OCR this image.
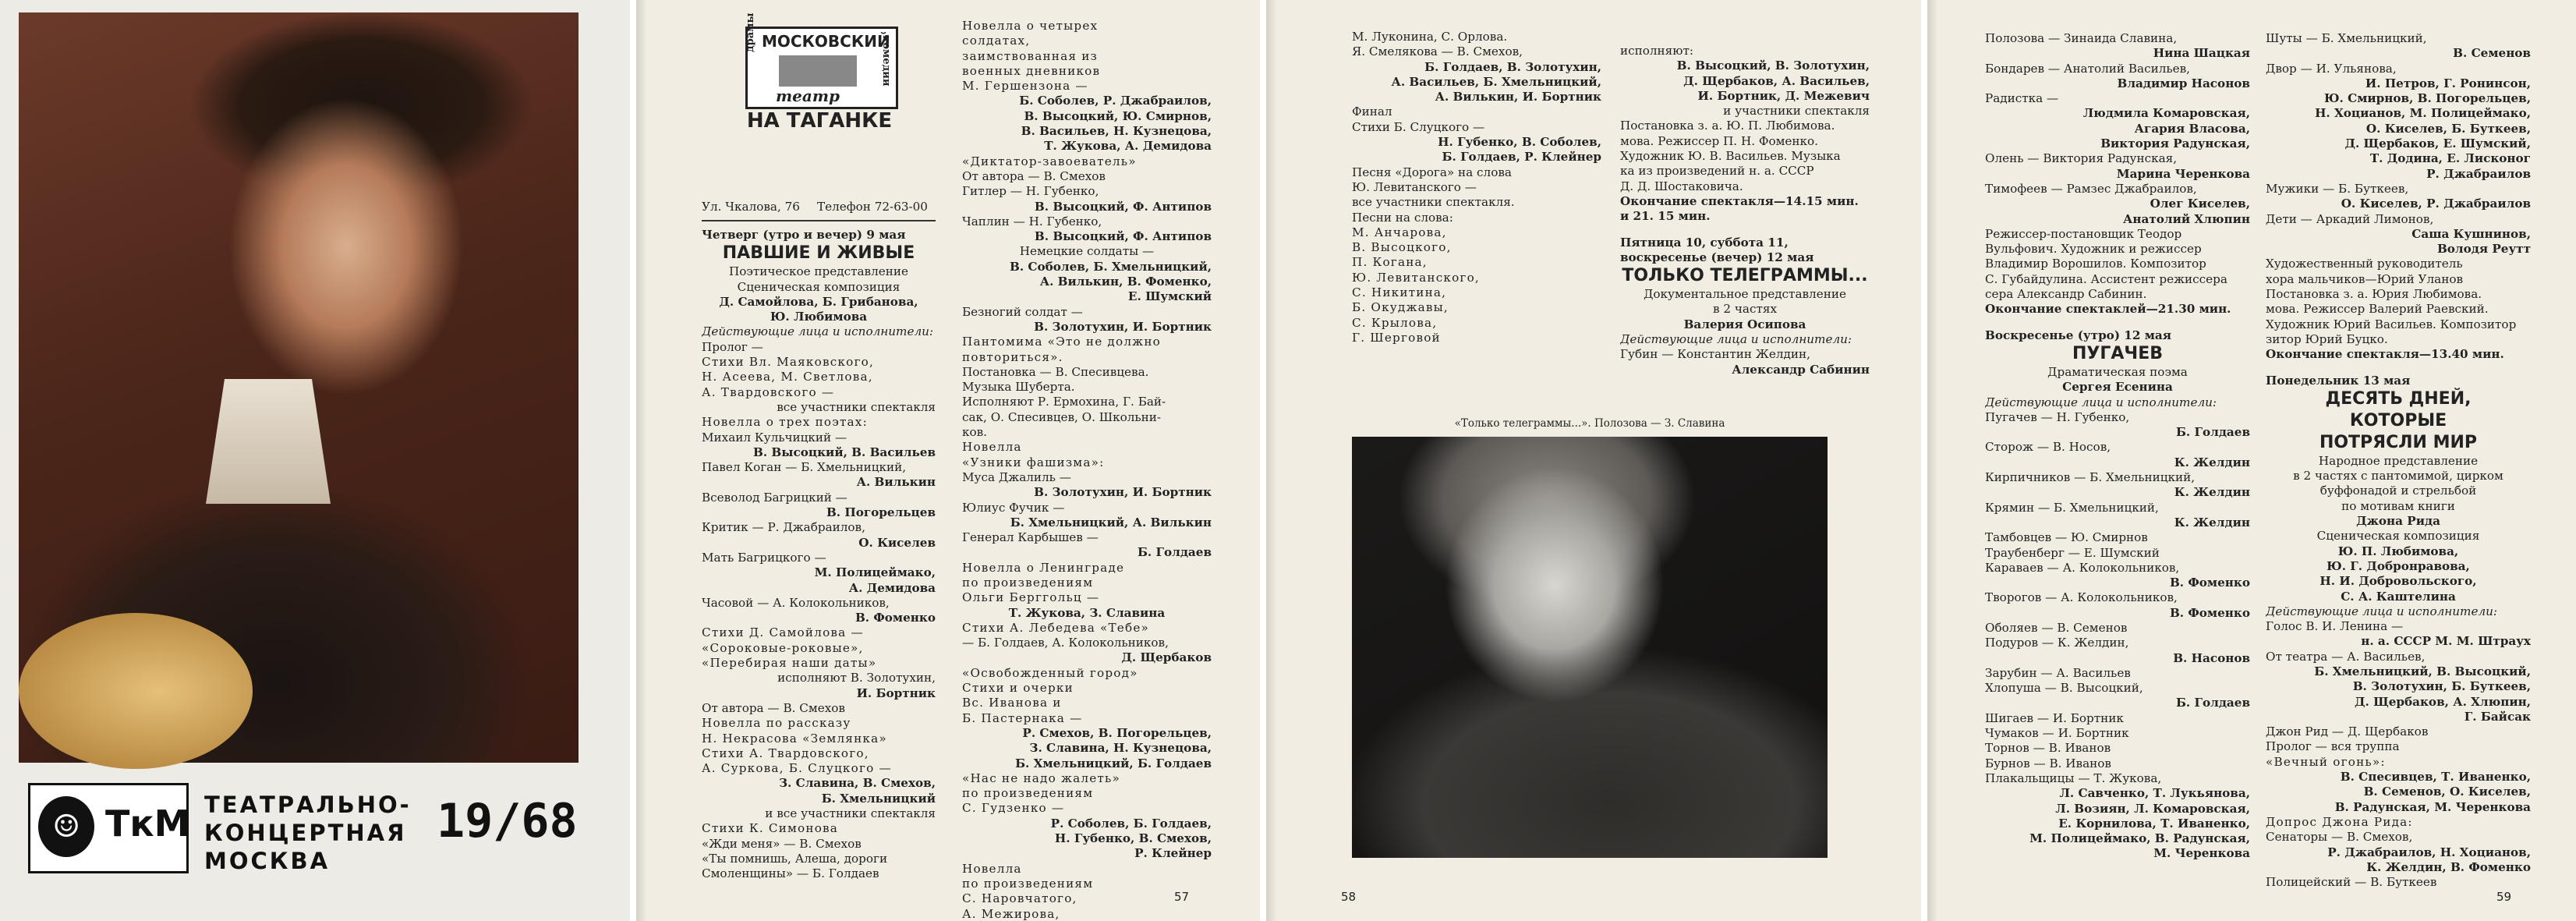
☺ ТкМ ТЕАТРАЛЬНО-
КОНЦЕРТНАЯ
МОСКВА
19/68
МОСКОВСКИЙ
драмы
театр
комедии
НА ТАГАНКЕ
Ул. Чкалова, 76 Телефон 72-63-00
Четверг (утро и вечер) 9 мая
ПАВШИЕ И ЖИВЫЕ
Поэтическое представление
Сценическая композиция
Д. Самойлова, Б. Грибанова,
Ю. Любимова
Действующие лица и исполнители:
Пролог —
Стихи Вл. Маяковского,
Н. Асеева, М. Светлова,
А. Твардовского —
все участники спектакля
Новелла о трех поэтах:
Михаил Кульчицкий —
В. Высоцкий, В. Васильев
Павел Коган — Б. Хмельницкий,
А. Вилькин
Всеволод Багрицкий —
В. Погорельцев
Критик — Р. Джабраилов,
О. Киселев
Мать Багрицкого —
М. Полицеймако,
А. Демидова
Часовой — А. Колокольников,
В. Фоменко
Стихи Д. Самойлова —
«Сороковые-роковые»,
«Перебирая наши даты»
исполняют В. Золотухин,
И. Бортник
От автора — В. Смехов
Новелла по рассказу
Н. Некрасова «Землянка»
Стихи А. Твардовского,
А. Суркова, Б. Слуцкого —
З. Славина, В. Смехов,
Б. Хмельницкий
и все участники спектакля
Стихи К. Симонова
«Жди меня» — В. Смехов
«Ты помнишь, Алеша, дороги
Смоленщины» — Б. Голдаев
Новелла о четырех
солдатах,
заимствованная из
военных дневников
М. Гершензона —
Б. Соболев, Р. Джабраилов,
В. Высоцкий, Ю. Смирнов,
В. Васильев, Н. Кузнецова,
Т. Жукова, А. Демидова
«Диктатор-завоеватель»
От автора — В. Смехов
Гитлер — Н. Губенко,
В. Высоцкий, Ф. Антипов
Чаплин — Н. Губенко,
В. Высоцкий, Ф. Антипов
Немецкие солдаты —
В. Соболев, Б. Хмельницкий,
А. Вилькин, В. Фоменко,
Е. Шумский
Безногий солдат —
В. Золотухин, И. Бортник
Пантомима «Это не должно
повториться».
Постановка — В. Спесивцева.
Музыка Шуберта.
Исполняют Р. Ермохина, Г. Бай-
сак, О. Спесивцев, О. Школьни-
ков.
Новелла
«Узники фашизма»:
Муса Джалиль —
В. Золотухин, И. Бортник
Юлиус Фучик —
Б. Хмельницкий, А. Вилькин
Генерал Карбышев —
Б. Голдаев
Новелла о Ленинграде
по произведениям
Ольги Берггольц —
Т. Жукова, З. Славина
Стихи А. Лебедева «Тебе»
— Б. Голдаев, А. Колокольников,
Д. Щербаков
«Освобожденный город»
Стихи и очерки
Вс. Иванова и
Б. Пастернака —
Р. Смехов, В. Погорельцев,
З. Славина, Н. Кузнецова,
Б. Хмельницкий, Б. Голдаев
«Нас не надо жалеть»
по произведениям
С. Гудзенко —
Р. Соболев, Б. Голдаев,
Н. Губенко, В. Смехов,
Р. Клейнер
Новелла
по произведениям
С. Наровчатого,
А. Межирова,
57
М. Луконина, С. Орлова.
Я. Смелякова — В. Смехов,
Б. Голдаев, В. Золотухин,
А. Васильев, Б. Хмельницкий,
А. Вилькин, И. Бортник
Финал
Стихи Б. Слуцкого —
Н. Губенко, В. Соболев,
Б. Голдаев, Р. Клейнер
Песня «Дорога» на слова
Ю. Левитанского —
все участники спектакля.
Песни на слова:
М. Анчарова,
В. Высоцкого,
П. Когана,
Ю. Левитанского,
С. Никитина,
Б. Окуджавы,
С. Крылова,
Г. Шерговой
исполняют:
В. Высоцкий, В. Золотухин,
Д. Щербаков, А. Васильев,
И. Бортник, Д. Межевич
и участники спектакля
Постановка з. а. Ю. П. Любимова.
мова. Режиссер П. Н. Фоменко.
Художник Ю. В. Васильев. Музыка
ка из произведений н. а. СССР
Д. Д. Шостаковича.
Окончание спектакля—14.15 мин.
и 21. 15 мин.
Пятница 10, суббота 11,
воскресенье (вечер) 12 мая
ТОЛЬКО ТЕЛЕГРАММЫ...
Документальное представление
в 2 частях
Валерия Осипова
Действующие лица и исполнители:
Губин — Константин Желдин,
Александр Сабинин
«Только телеграммы...». Полозова — З. Славина
58
Полозова — Зинаида Славина,
Нина Шацкая
Бондарев — Анатолий Васильев,
Владимир Насонов
Радистка —
Людмила Комаровская,
Агария Власова,
Виктория Радунская,
Олень — Виктория Радунская,
Марина Черенкова
Тимофеев — Рамзес Джабраилов,
Олег Киселев,
Анатолий Хлюпин
Режиссер-постановщик Теодор
Вульфович. Художник и режиссер
Владимир Ворошилов. Композитор
С. Губайдулина. Ассистент режиссера
сера Александр Сабинин.
Окончание спектаклей—21.30 мин.
Воскресенье (утро) 12 мая
ПУГАЧЕВ
Драматическая поэма
Сергея Есенина
Действующие лица и исполнители:
Пугачев — Н. Губенко,
Б. Голдаев
Сторож — В. Носов,
К. Желдин
Кирпичников — Б. Хмельницкий,
К. Желдин
Крямин — Б. Хмельницкий,
К. Желдин
Тамбовцев — Ю. Смирнов
Траубенберг — Е. Шумский
Караваев — А. Колокольников,
В. Фоменко
Творогов — А. Колокольников,
В. Фоменко
Оболяев — В. Семенов
Подуров — К. Желдин,
В. Насонов
Зарубин — А. Васильев
Хлопуша — В. Высоцкий,
Б. Голдаев
Шигаев — И. Бортник
Чумаков — И. Бортник
Торнов — В. Иванов
Бурнов — В. Иванов
Плакальщицы — Т. Жукова,
Л. Савченко, Т. Лукьянова,
Л. Возиян, Л. Комаровская,
Е. Корнилова, Т. Иваненко,
М. Полицеймако, В. Радунская,
М. Черенкова
Шуты — Б. Хмельницкий,
В. Семенов
Двор — И. Ульянова,
И. Петров, Г. Ронинсон,
Ю. Смирнов, В. Погорельцев,
Н. Хоцианов, М. Полицеймако,
О. Киселев, Б. Буткеев,
Д. Щербаков, Е. Шумский,
Т. Додина, Е. Лисконог
Р. Джабраилов
Мужики — Б. Буткеев,
О. Киселев, Р. Джабраилов
Дети — Аркадий Лимонов,
Саша Кушнинов,
Володя Реутт
Художественный руководитель
хора мальчиков—Юрий Уланов
Постановка з. а. Юрия Любимова.
мова. Режиссер Валерий Раевский.
Художник Юрий Васильев. Композитор
зитор Юрий Буцко.
Окончание спектакля—13.40 мин.
Понедельник 13 мая
ДЕСЯТЬ ДНЕЙ,
КОТОРЫЕ
ПОТРЯСЛИ МИР
Народное представление
в 2 частях с пантомимой, цирком
буффонадой и стрельбой
по мотивам книги
Джона Рида
Сценическая композиция
Ю. П. Любимова,
Ю. Г. Добронравова,
Н. И. Добровольского,
С. А. Каштелина
Действующие лица и исполнители:
Голос В. И. Ленина —
н. а. СССР М. М. Штраух
От театра — А. Васильев,
Б. Хмельницкий, В. Высоцкий,
В. Золотухин, Б. Буткеев,
Д. Щербаков, А. Хлюпин,
Г. Байсак
Джон Рид — Д. Щербаков
Пролог — вся труппа
«Вечный огонь»:
В. Спесивцев, Т. Иваненко,
В. Семенов, О. Киселев,
В. Радунская, М. Черенкова
Допрос Джона Рида:
Сенаторы — В. Смехов,
Р. Джабраилов, Н. Хоцианов,
К. Желдин, В. Фоменко
Полицейский — В. Буткеев
59
